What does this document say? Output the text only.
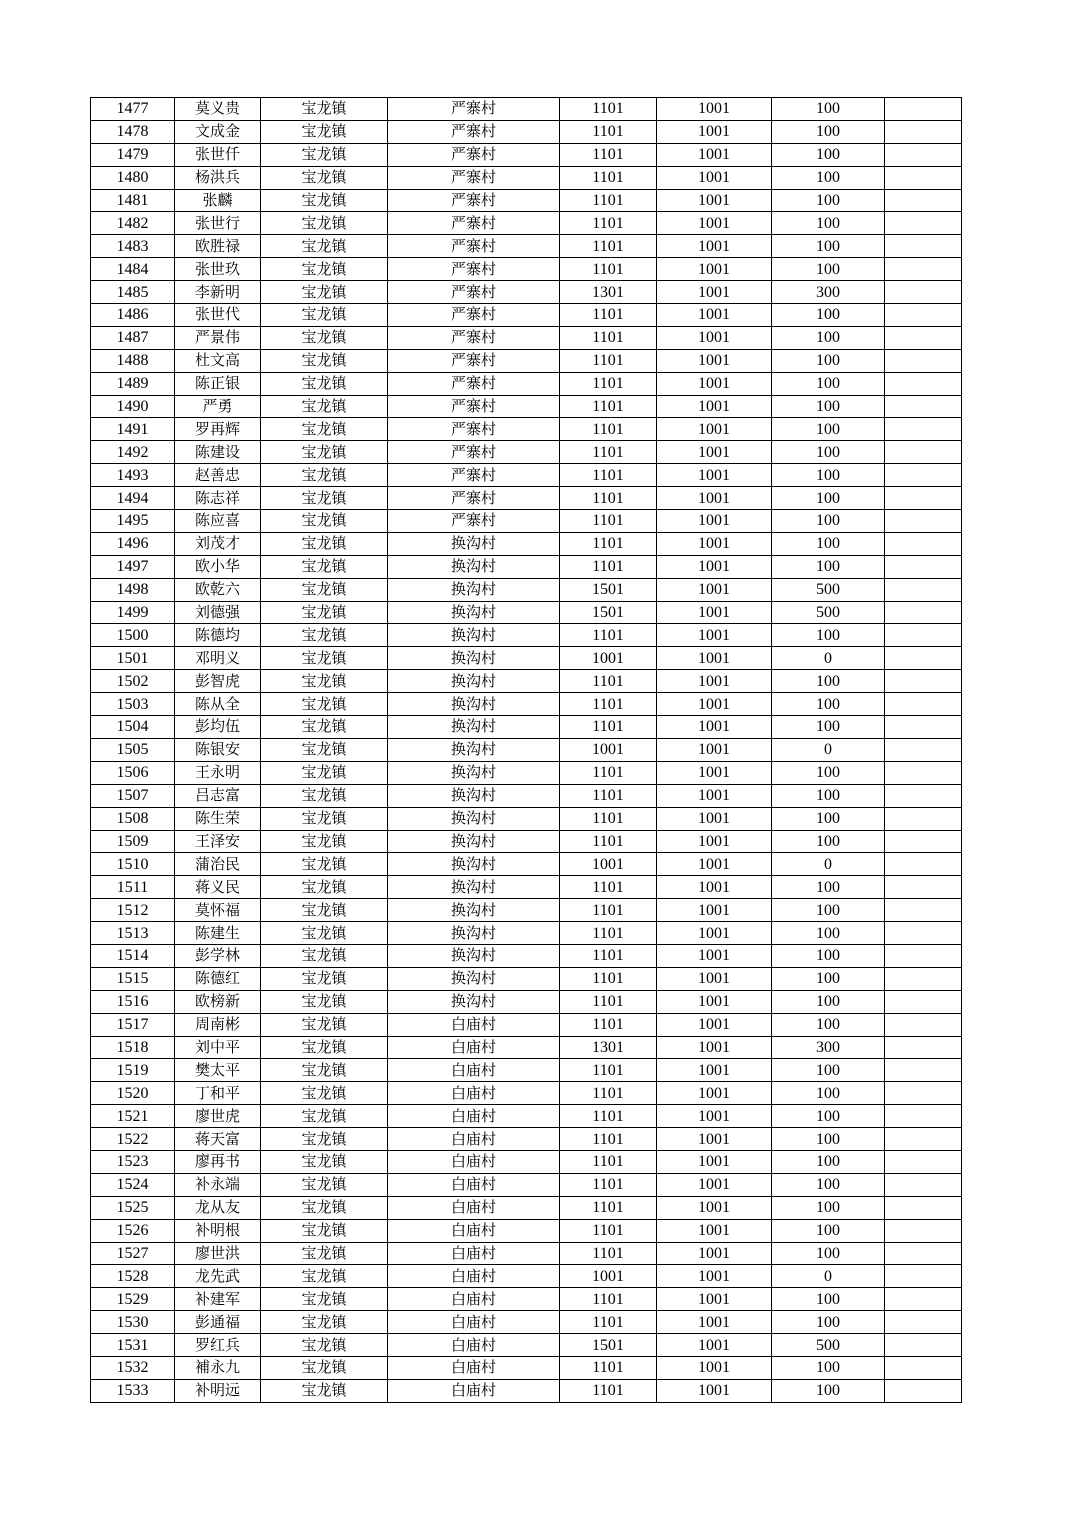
1477	莫义贵	宝龙镇	严寨村	1101	1001	100	
1478	文成金	宝龙镇	严寨村	1101	1001	100	
1479	张世仟	宝龙镇	严寨村	1101	1001	100	
1480	杨洪兵	宝龙镇	严寨村	1101	1001	100	
1481	张麟	宝龙镇	严寨村	1101	1001	100	
1482	张世行	宝龙镇	严寨村	1101	1001	100	
1483	欧胜禄	宝龙镇	严寨村	1101	1001	100	
1484	张世玖	宝龙镇	严寨村	1101	1001	100	
1485	李新明	宝龙镇	严寨村	1301	1001	300	
1486	张世代	宝龙镇	严寨村	1101	1001	100	
1487	严景伟	宝龙镇	严寨村	1101	1001	100	
1488	杜文高	宝龙镇	严寨村	1101	1001	100	
1489	陈正银	宝龙镇	严寨村	1101	1001	100	
1490	严勇	宝龙镇	严寨村	1101	1001	100	
1491	罗再辉	宝龙镇	严寨村	1101	1001	100	
1492	陈建设	宝龙镇	严寨村	1101	1001	100	
1493	赵善忠	宝龙镇	严寨村	1101	1001	100	
1494	陈志祥	宝龙镇	严寨村	1101	1001	100	
1495	陈应喜	宝龙镇	严寨村	1101	1001	100	
1496	刘茂才	宝龙镇	换沟村	1101	1001	100	
1497	欧小华	宝龙镇	换沟村	1101	1001	100	
1498	欧乾六	宝龙镇	换沟村	1501	1001	500	
1499	刘德强	宝龙镇	换沟村	1501	1001	500	
1500	陈德均	宝龙镇	换沟村	1101	1001	100	
1501	邓明义	宝龙镇	换沟村	1001	1001	0	
1502	彭智虎	宝龙镇	换沟村	1101	1001	100	
1503	陈从全	宝龙镇	换沟村	1101	1001	100	
1504	彭均伍	宝龙镇	换沟村	1101	1001	100	
1505	陈银安	宝龙镇	换沟村	1001	1001	0	
1506	王永明	宝龙镇	换沟村	1101	1001	100	
1507	吕志富	宝龙镇	换沟村	1101	1001	100	
1508	陈生荣	宝龙镇	换沟村	1101	1001	100	
1509	王泽安	宝龙镇	换沟村	1101	1001	100	
1510	蒲治民	宝龙镇	换沟村	1001	1001	0	
1511	蒋义民	宝龙镇	换沟村	1101	1001	100	
1512	莫怀福	宝龙镇	换沟村	1101	1001	100	
1513	陈建生	宝龙镇	换沟村	1101	1001	100	
1514	彭学林	宝龙镇	换沟村	1101	1001	100	
1515	陈德红	宝龙镇	换沟村	1101	1001	100	
1516	欧榜新	宝龙镇	换沟村	1101	1001	100	
1517	周南彬	宝龙镇	白庙村	1101	1001	100	
1518	刘中平	宝龙镇	白庙村	1301	1001	300	
1519	樊太平	宝龙镇	白庙村	1101	1001	100	
1520	丁和平	宝龙镇	白庙村	1101	1001	100	
1521	廖世虎	宝龙镇	白庙村	1101	1001	100	
1522	蒋天富	宝龙镇	白庙村	1101	1001	100	
1523	廖再书	宝龙镇	白庙村	1101	1001	100	
1524	补永端	宝龙镇	白庙村	1101	1001	100	
1525	龙从友	宝龙镇	白庙村	1101	1001	100	
1526	补明根	宝龙镇	白庙村	1101	1001	100	
1527	廖世洪	宝龙镇	白庙村	1101	1001	100	
1528	龙先武	宝龙镇	白庙村	1001	1001	0	
1529	补建军	宝龙镇	白庙村	1101	1001	100	
1530	彭通福	宝龙镇	白庙村	1101	1001	100	
1531	罗红兵	宝龙镇	白庙村	1501	1001	500	
1532	補永九	宝龙镇	白庙村	1101	1001	100	
1533	补明远	宝龙镇	白庙村	1101	1001	100	
